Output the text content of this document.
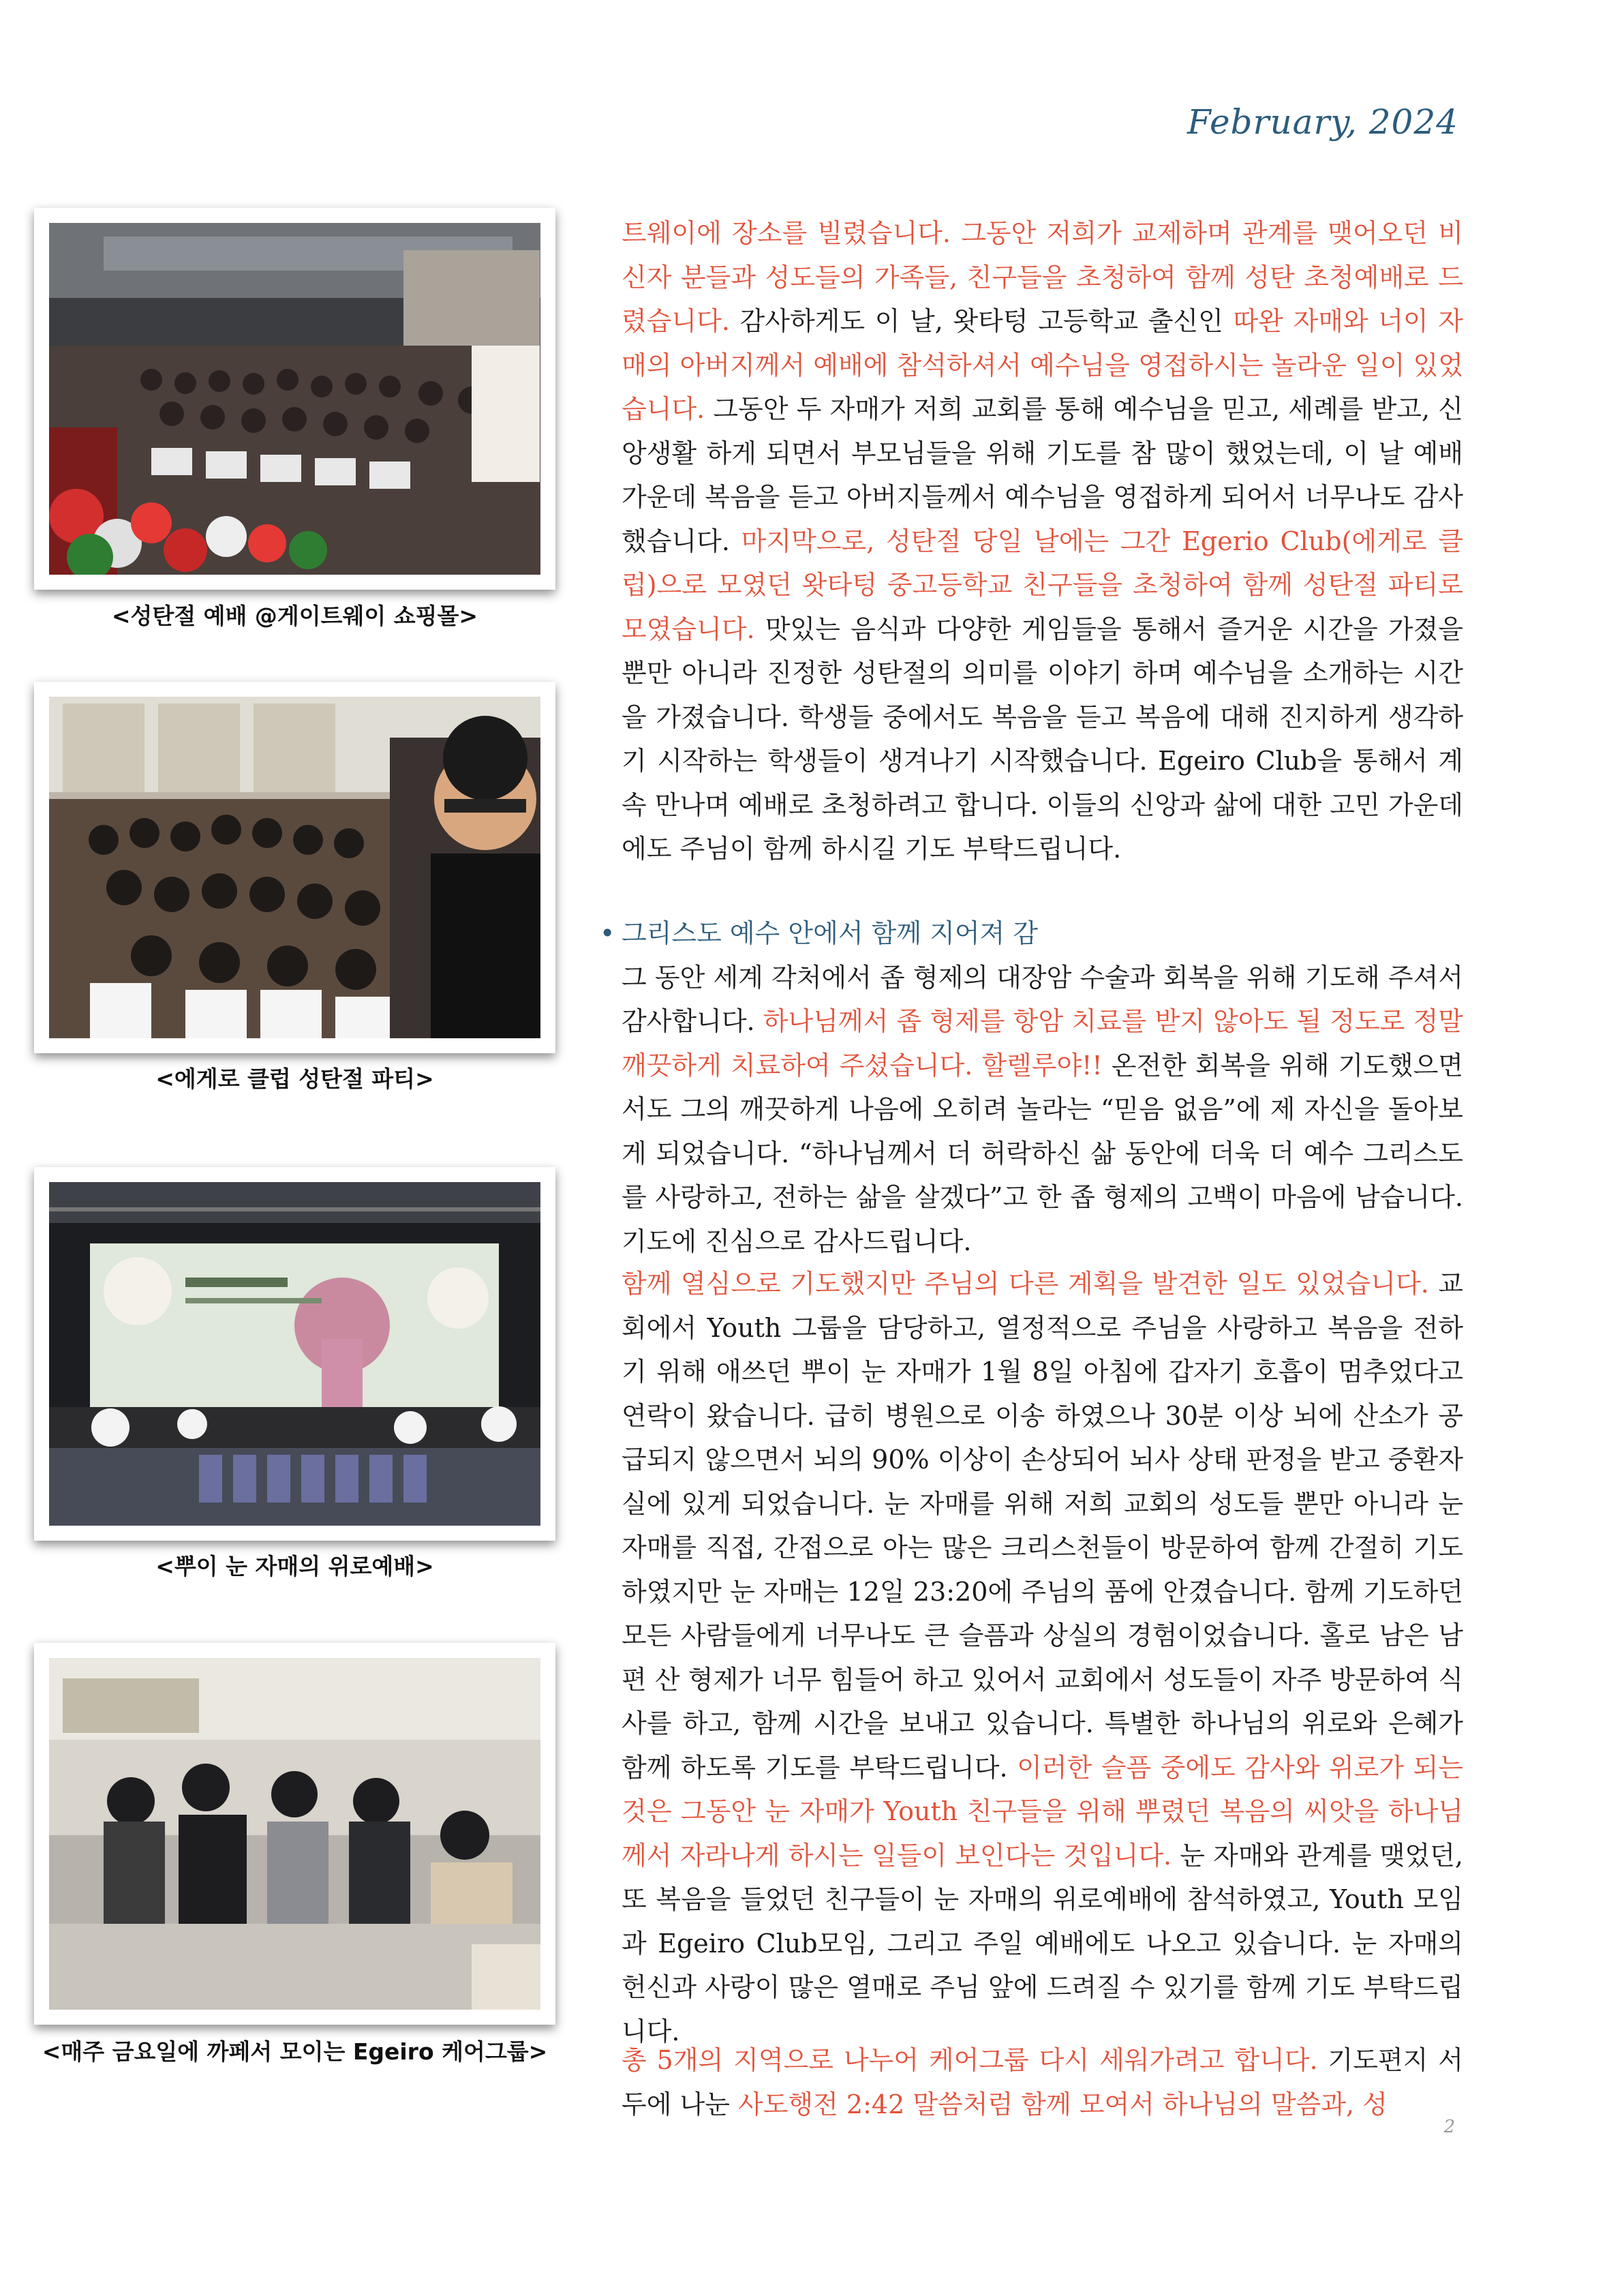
February, 2024
<성탄절 예배 @게이트웨이 쇼핑몰>
<에게로 클럽 성탄절 파티>
<뿌이 눈 자매의 위로예배>
<매주 금요일에 까페서 모이는 Egeiro 케어그룹>

트웨이에 장소를 빌렸습니다. 그동안 저희가 교제하며 관계를 맺어오던 비신자 분들과 성도들의 가족들, 친구들을 초청하여 함께 성탄 초청예배로 드렸습니다. 감사하게도 이 날, 왓타텅 고등학교 출신인 따완 자매와 너이 자매의 아버지께서 예배에 참석하셔서 예수님을 영접하시는 놀라운 일이 있었습니다. 그동안 두 자매가 저희 교회를 통해 예수님을 믿고, 세례를 받고, 신앙생활 하게 되면서 부모님들을 위해 기도를 참 많이 했었는데, 이 날 예배 가운데 복음을 듣고 아버지들께서 예수님을 영접하게 되어서 너무나도 감사했습니다. 마지막으로, 성탄절 당일 날에는 그간 Egerio Club(에게로 클럽)으로 모였던 왓타텅 중고등학교 친구들을 초청하여 함께 성탄절 파티로 모였습니다. 맛있는 음식과 다양한 게임들을 통해서 즐거운 시간을 가졌을 뿐만 아니라 진정한 성탄절의 의미를 이야기 하며 예수님을 소개하는 시간을 가졌습니다. 학생들 중에서도 복음을 듣고 복음에 대해 진지하게 생각하기 시작하는 학생들이 생겨나기 시작했습니다. Egeiro Club을 통해서 계속 만나며 예배로 초청하려고 합니다. 이들의 신앙과 삶에 대한 고민 가운데에도 주님이 함께 하시길 기도 부탁드립니다.

• 그리스도 예수 안에서 함께 지어져 감

그 동안 세계 각처에서 좁 형제의 대장암 수술과 회복을 위해 기도해 주셔서 감사합니다. 하나님께서 좁 형제를 항암 치료를 받지 않아도 될 정도로 정말 깨끗하게 치료하여 주셨습니다. 할렐루야!! 온전한 회복을 위해 기도했으면서도 그의 깨끗하게 나음에 오히려 놀라는 “믿음 없음”에 제 자신을 돌아보게 되었습니다. “하나님께서 더 허락하신 삶 동안에 더욱 더 예수 그리스도를 사랑하고, 전하는 삶을 살겠다”고 한 좁 형제의 고백이 마음에 남습니다. 기도에 진심으로 감사드립니다.

함께 열심으로 기도했지만 주님의 다른 계획을 발견한 일도 있었습니다. 교회에서 Youth 그룹을 담당하고, 열정적으로 주님을 사랑하고 복음을 전하기 위해 애쓰던 뿌이 눈 자매가 1월 8일 아침에 갑자기 호흡이 멈추었다고 연락이 왔습니다. 급히 병원으로 이송 하였으나 30분 이상 뇌에 산소가 공급되지 않으면서 뇌의 90% 이상이 손상되어 뇌사 상태 판정을 받고 중환자실에 있게 되었습니다. 눈 자매를 위해 저희 교회의 성도들 뿐만 아니라 눈 자매를 직접, 간접으로 아는 많은 크리스천들이 방문하여 함께 간절히 기도 하였지만 눈 자매는 12일 23:20에 주님의 품에 안겼습니다. 함께 기도하던 모든 사람들에게 너무나도 큰 슬픔과 상실의 경험이었습니다. 홀로 남은 남편 산 형제가 너무 힘들어 하고 있어서 교회에서 성도들이 자주 방문하여 식사를 하고, 함께 시간을 보내고 있습니다. 특별한 하나님의 위로와 은혜가 함께 하도록 기도를 부탁드립니다. 이러한 슬픔 중에도 감사와 위로가 되는 것은 그동안 눈 자매가 Youth 친구들을 위해 뿌렸던 복음의 씨앗을 하나님께서 자라나게 하시는 일들이 보인다는 것입니다. 눈 자매와 관계를 맺었던, 또 복음을 들었던 친구들이 눈 자매의 위로예배에 참석하였고, Youth 모임과 Egeiro Club모임, 그리고 주일 예배에도 나오고 있습니다. 눈 자매의 헌신과 사랑이 많은 열매로 주님 앞에 드려질 수 있기를 함께 기도 부탁드립니다.

총 5개의 지역으로 나누어 케어그룹 다시 세워가려고 합니다. 기도편지 서두에 나눈 사도행전 2:42 말씀처럼 함께 모여서 하나님의 말씀과, 성

2
